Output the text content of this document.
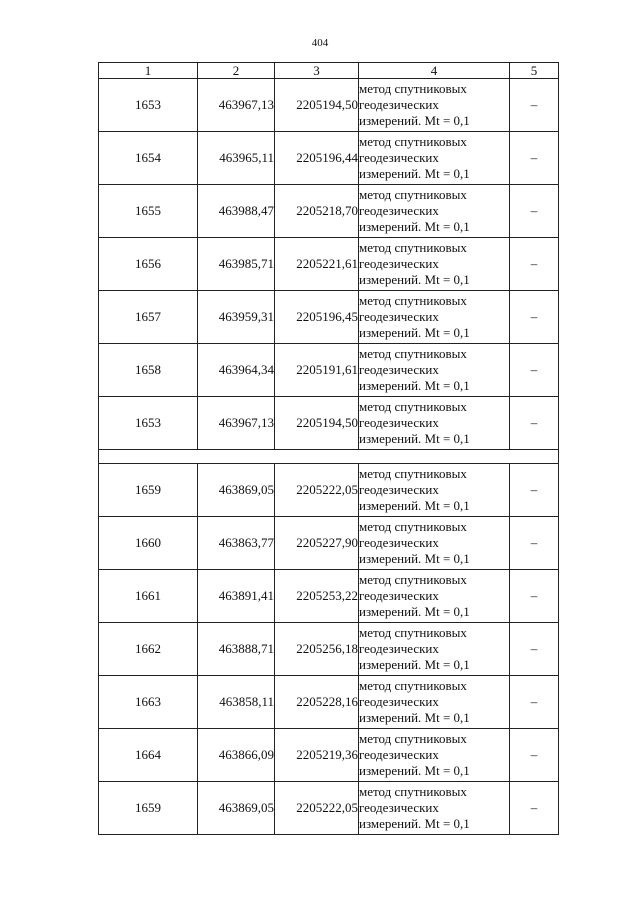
404
1	2	3	4	5
1653	463967,13	2205194,50	метод спутниковых
геодезических
измерений. Mt = 0,1	–
1654	463965,11	2205196,44	метод спутниковых
геодезических
измерений. Mt = 0,1	–
1655	463988,47	2205218,70	метод спутниковых
геодезических
измерений. Mt = 0,1	–
1656	463985,71	2205221,61	метод спутниковых
геодезических
измерений. Mt = 0,1	–
1657	463959,31	2205196,45	метод спутниковых
геодезических
измерений. Mt = 0,1	–
1658	463964,34	2205191,61	метод спутниковых
геодезических
измерений. Mt = 0,1	–
1653	463967,13	2205194,50	метод спутниковых
геодезических
измерений. Mt = 0,1	–

1659	463869,05	2205222,05	метод спутниковых
геодезических
измерений. Mt = 0,1	–
1660	463863,77	2205227,90	метод спутниковых
геодезических
измерений. Mt = 0,1	–
1661	463891,41	2205253,22	метод спутниковых
геодезических
измерений. Mt = 0,1	–
1662	463888,71	2205256,18	метод спутниковых
геодезических
измерений. Mt = 0,1	–
1663	463858,11	2205228,16	метод спутниковых
геодезических
измерений. Mt = 0,1	–
1664	463866,09	2205219,36	метод спутниковых
геодезических
измерений. Mt = 0,1	–
1659	463869,05	2205222,05	метод спутниковых
геодезических
измерений. Mt = 0,1	–
